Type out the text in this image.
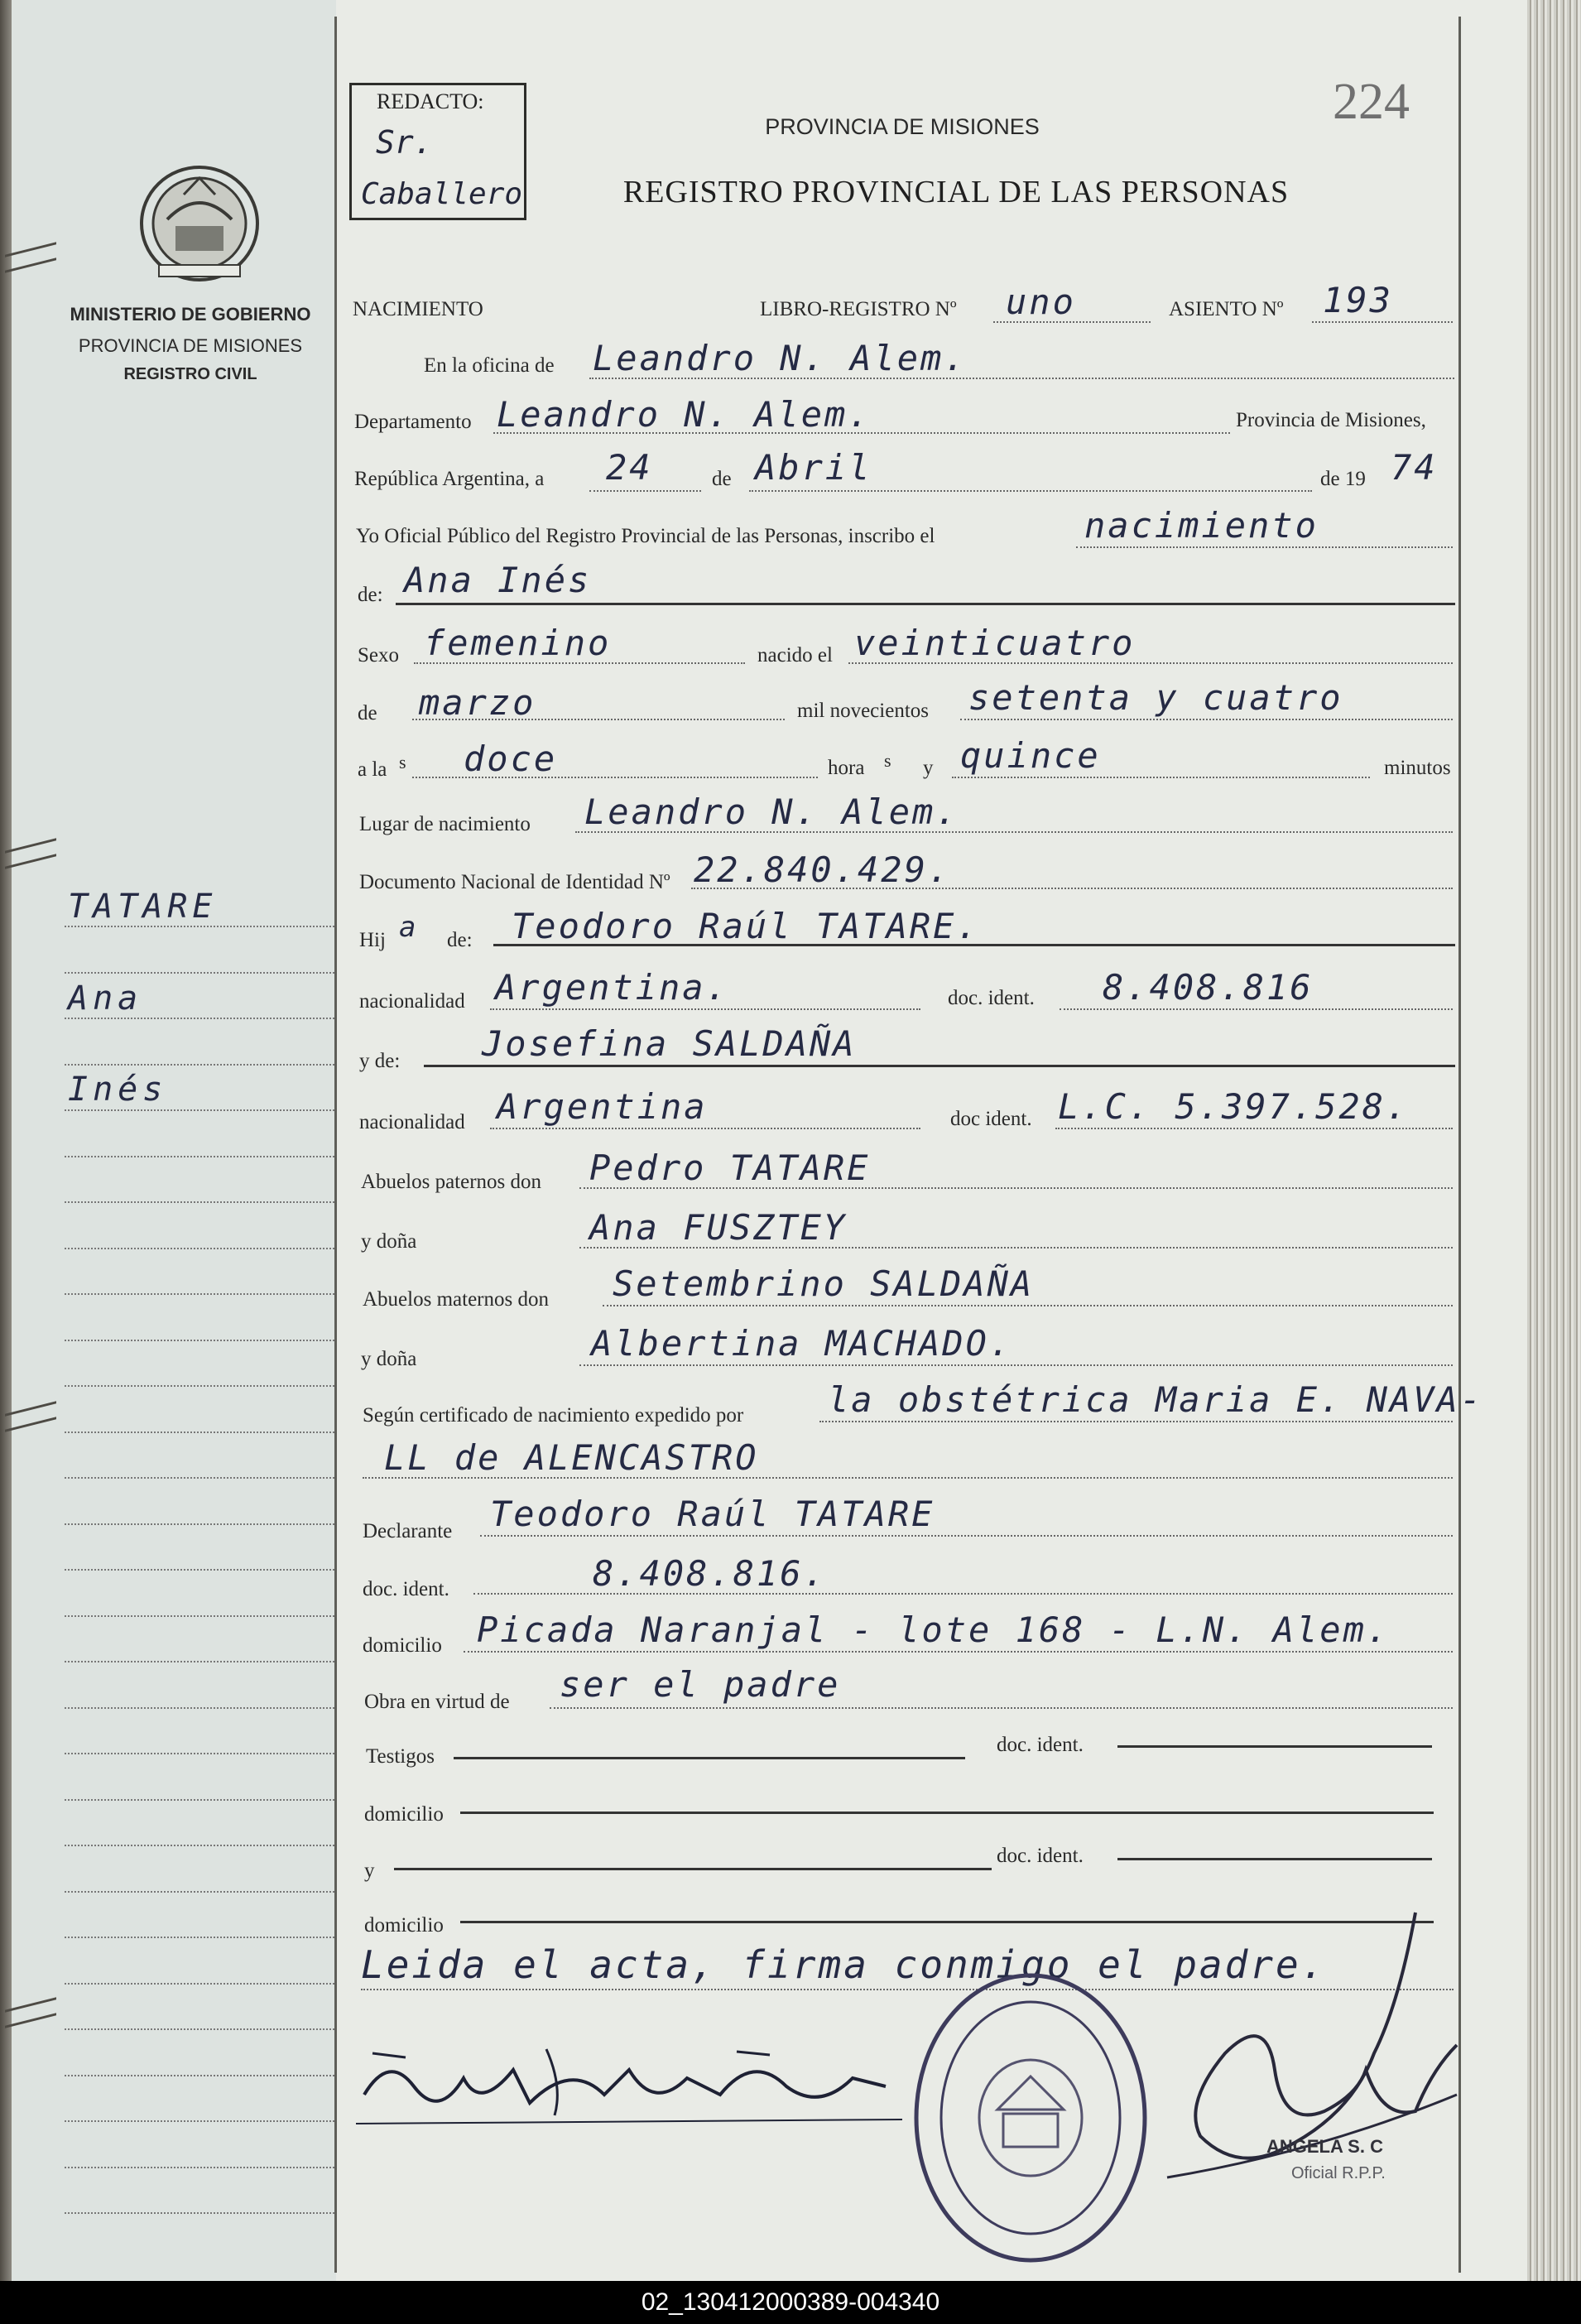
MINISTERIO DE GOBIERNO
PROVINCIA DE MISIONES
REGISTRO CIVIL
REDACTO:
Sr.
Caballero
PROVINCIA DE MISIONES
REGISTRO PROVINCIAL DE LAS PERSONAS
224
TATARE
Ana
Inés
NACIMIENTO	LIBRO-REGISTRO Nº uno	ASIENTO Nº 193
En la oficina de Leandro N. Alem.
Departamento Leandro N. Alem.	Provincia de Misiones,
República Argentina, a 24	de Abril	de 19 74
Yo Oficial Público del Registro Provincial de las Personas, inscribo el	nacimiento
de: Ana Inés
Sexo femenino	nacido el veinticuatro
de marzo	mil novecientos setenta y cuatro
a la s doce	hora s y quince	minutos
Lugar de nacimiento Leandro N. Alem.
Documento Nacional de Identidad Nº 22.840.429.
Hij a de: Teodoro Raúl TATARE.
nacionalidad Argentina.	doc. ident. 8.408.816
y de: Josefina SALDAÑA
nacionalidad Argentina	doc ident. L.C. 5.397.528.
Abuelos paternos don Pedro TATARE
y doña	Ana FUSZTEY
Abuelos maternos don Setembrino SALDAÑA
y doña	Albertina MACHADO.
Según certificado de nacimiento expedido por la obstétrica Maria E. NAVA-
LL de ALENCASTRO
Declarante Teodoro Raúl TATARE
doc. ident.	8.408.816.
domicilio Picada Naranjal - lote 168 - L.N. Alem.
Obra en virtud de ser el padre
Testigos
doc. ident.
domicilio
y
doc. ident.
domicilio
Leida el acta, firma conmigo el padre.
ANGELA S. C
Oficial R.P.P.
02_130412000389-004340
